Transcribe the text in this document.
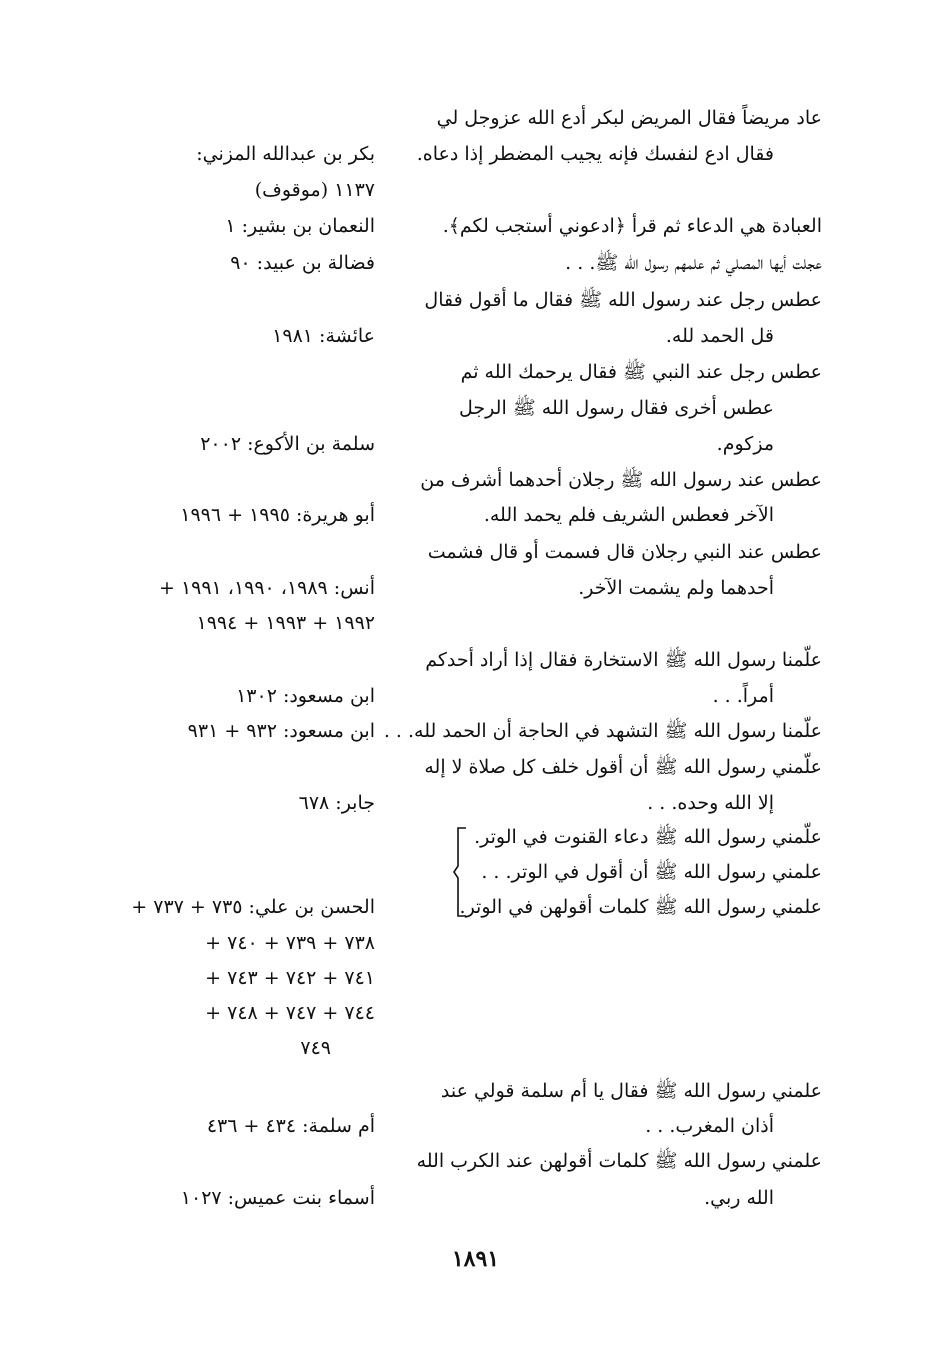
عاد مريضاً فقال المريض لبكر أدع الله عزوجل لي
فقال ادع لنفسك فإنه يجيب المضطر إذا دعاه.
العبادة هي الدعاء ثم قرأ ﴿ادعوني أستجب لكم﴾.
عجلت أيها المصلي ثم علمهم رسول الله ﷺ. . .
عطس رجل عند رسول الله ﷺ فقال ما أقول فقال
قل الحمد لله.
عطس رجل عند النبي ﷺ فقال يرحمك الله ثم
عطس أخرى فقال رسول الله ﷺ الرجل
مزكوم.
عطس عند رسول الله ﷺ رجلان أحدهما أشرف من
الآخر فعطس الشريف فلم يحمد الله.
عطس عند النبي رجلان قال فسمت أو قال فشمت
أحدهما ولم يشمت الآخر.
علّمنا رسول الله ﷺ الاستخارة فقال إذا أراد أحدكم
أمراً. . .
علّمنا رسول الله ﷺ التشهد في الحاجة أن الحمد لله. . .
علّمني رسول الله ﷺ أن أقول خلف كل صلاة لا إله
إلا الله وحده. . .
علّمني رسول الله ﷺ دعاء القنوت في الوتر.
علمني رسول الله ﷺ أن أقول في الوتر. . .
علمني رسول الله ﷺ كلمات أقولهن في الوتر.
علمني رسول الله ﷺ فقال يا أم سلمة قولي عند
أذان المغرب. . .
علمني رسول الله ﷺ كلمات أقولهن عند الكرب الله
الله ربي.
بكر بن عبدالله المزني:
١١٣٧ (موقوف)
النعمان بن بشير: ١
فضالة بن عبيد: ٩٠
عائشة: ١٩٨١
سلمة بن الأكوع: ٢٠٠٢
أبو هريرة: ١٩٩٥ + ١٩٩٦
أنس: ١٩٨٩، ١٩٩٠، ١٩٩١ +
١٩٩٢ + ١٩٩٣ + ١٩٩٤
ابن مسعود: ١٣٠٢
ابن مسعود: ٩٣٢ + ٩٣١
جابر: ٦٧٨
الحسن بن علي: ٧٣٥ + ٧٣٧ +
٧٣٨ + ٧٣٩ + ٧٤٠ +
٧٤١ + ٧٤٢ + ٧٤٣ +
٧٤٤ + ٧٤٧ + ٧٤٨ +
٧٤٩
أم سلمة: ٤٣٤ + ٤٣٦
أسماء بنت عميس: ١٠٢٧
١٨٩١
